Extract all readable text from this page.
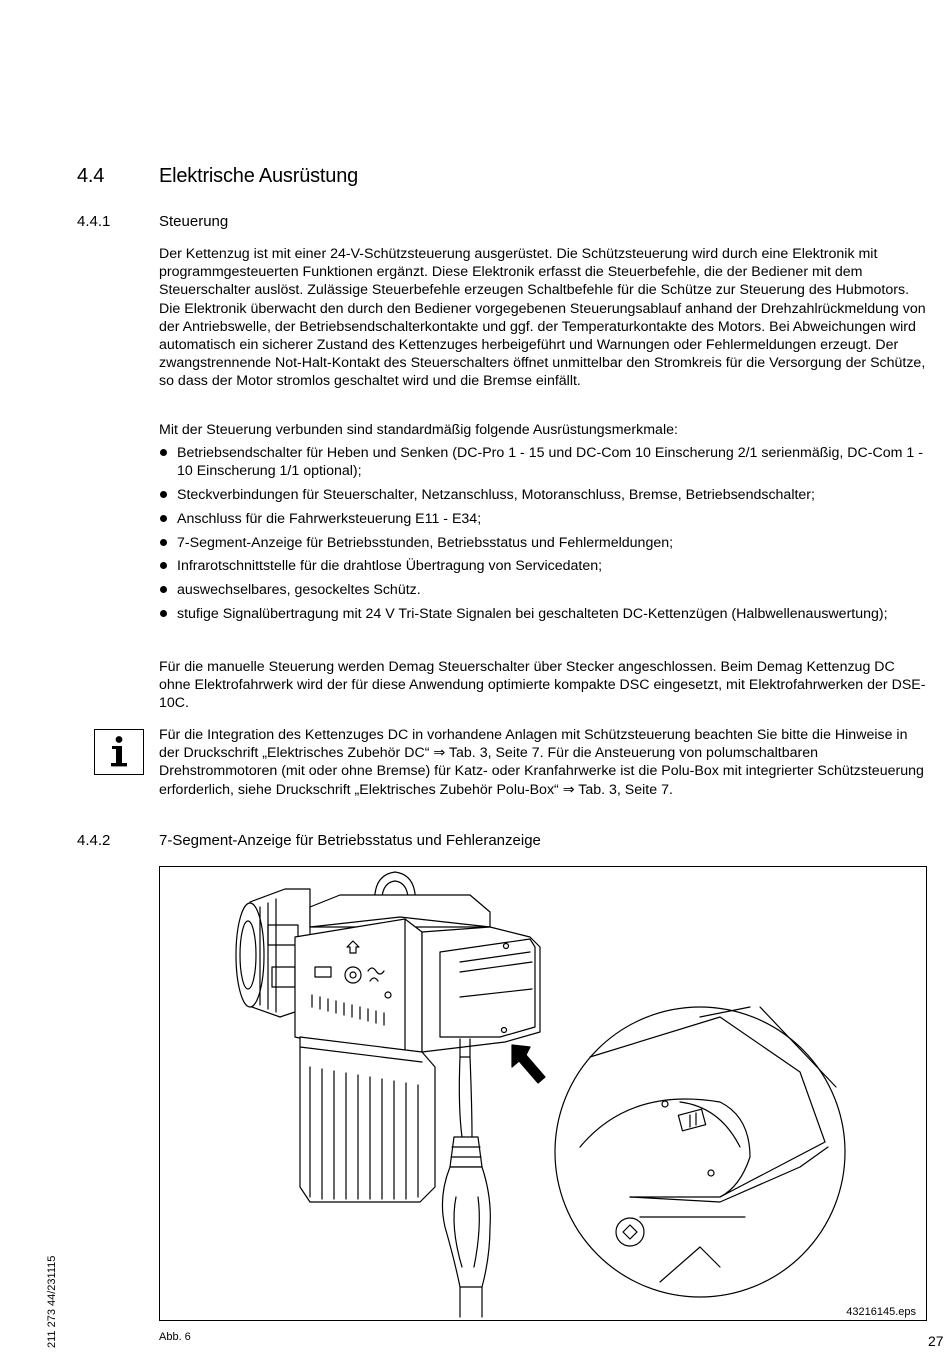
4.4	Elektrische Ausrüstung
4.4.1	Steuerung

Der Kettenzug ist mit einer 24-V-Schützsteuerung ausgerüstet. Die Schützsteuerung wird durch eine Elektronik mit programmgesteuerten Funktionen ergänzt. Diese Elektronik erfasst die Steuerbefehle, die der Bediener mit dem Steuerschalter auslöst. Zulässige Steuerbefehle erzeugen Schaltbefehle für die Schütze zur Steuerung des Hubmotors. Die Elektronik überwacht den durch den Bediener vorgegebenen Steuerungsablauf anhand der Drehzahlrückmeldung von der Antriebswelle, der Betriebsendschalterkontakte und ggf. der Temperaturkontakte des Motors. Bei Abweichungen wird automatisch ein sicherer Zustand des Kettenzuges herbeigeführt und Warnungen oder Fehlermeldungen erzeugt. Der zwangstrennende Not-Halt-Kontakt des Steuerschalters öffnet unmittelbar den Stromkreis für die Versorgung der Schütze, so dass der Motor stromlos geschaltet wird und die Bremse einfällt.

Mit der Steuerung verbunden sind standardmäßig folgende Ausrüstungsmerkmale:

Betriebsendschalter für Heben und Senken (DC-Pro 1 - 15 und DC-Com 10 Einscherung 2/1 serienmäßig, DC-Com 1 - 10 Einscherung 1/1 optional);
Steckverbindungen für Steuerschalter, Netzanschluss, Motoranschluss, Bremse, Betriebsendschalter;
Anschluss für die Fahrwerksteuerung E11 - E34;
7-Segment-Anzeige für Betriebsstunden, Betriebsstatus und Fehlermeldungen;
Infrarotschnittstelle für die drahtlose Übertragung von Servicedaten;
auswechselbares, gesockeltes Schütz.
stufige Signalübertragung mit 24 V Tri-State Signalen bei geschalteten DC-Kettenzügen (Halbwellenauswertung);

Für die manuelle Steuerung werden Demag Steuerschalter über Stecker angeschlossen. Beim Demag Kettenzug DC ohne Elektrofahrwerk wird der für diese Anwendung optimierte kompakte DSC eingesetzt, mit Elektrofahrwerken der DSE-10C.

Für die Integration des Kettenzuges DC in vorhandene Anlagen mit Schützsteuerung beachten Sie bitte die Hinweise in der Druckschrift „Elektrisches Zubehör DC“ ⇒ Tab. 3, Seite 7. Für die Ansteuerung von polumschaltbaren Drehstrommotoren (mit oder ohne Bremse) für Katz- oder Kranfahrwerke ist die Polu-Box mit integrierter Schützsteuerung erforderlich, siehe Druckschrift „Elektrisches Zubehör Polu-Box“ ⇒ Tab. 3, Seite 7.

4.4.2	7-Segment-Anzeige für Betriebsstatus und Fehleranzeige
43216145.eps
Abb. 6
211 273 44/231115	27
